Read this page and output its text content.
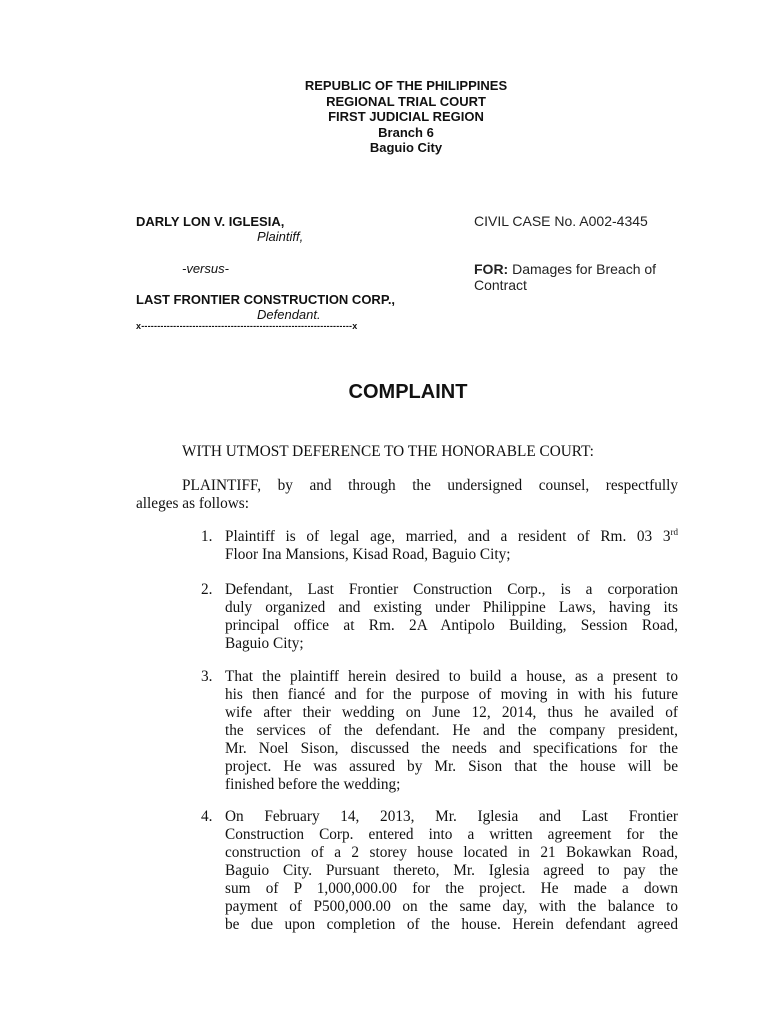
REPUBLIC OF THE PHILIPPINES
REGIONAL TRIAL COURT
FIRST JUDICIAL REGION
Branch 6
Baguio City
DARLY LON V. IGLESIA,
Plaintiff,
-versus-
LAST FRONTIER CONSTRUCTION CORP.,
Defendant.
x------------------------------------------------------------------x
CIVIL CASE No. A002-4345
FOR: Damages for Breach of
Contract
COMPLAINT
WITH UTMOST DEFERENCE TO THE HONORABLE COURT:
PLAINTIFF, by and through the undersigned counsel, respectfully
alleges as follows:
1. Plaintiff is of legal age, married, and a resident of Rm. 03 3rd
Floor Ina Mansions, Kisad Road, Baguio City;
2. Defendant, Last Frontier Construction Corp., is a corporation
duly organized and existing under Philippine Laws, having its
principal office at Rm. 2A Antipolo Building, Session Road,
Baguio City;
3. That the plaintiff herein desired to build a house, as a present to
his then fiancé and for the purpose of moving in with his future
wife after their wedding on June 12, 2014, thus he availed of
the services of the defendant. He and the company president,
Mr. Noel Sison, discussed the needs and specifications for the
project. He was assured by Mr. Sison that the house will be
finished before the wedding;
4. On February 14, 2013, Mr. Iglesia and Last Frontier
Construction Corp. entered into a written agreement for the
construction of a 2 storey house located in 21 Bokawkan Road,
Baguio City. Pursuant thereto, Mr. Iglesia agreed to pay the
sum of P 1,000,000.00 for the project. He made a down
payment of P500,000.00 on the same day, with the balance to
be due upon completion of the house. Herein defendant agreed
